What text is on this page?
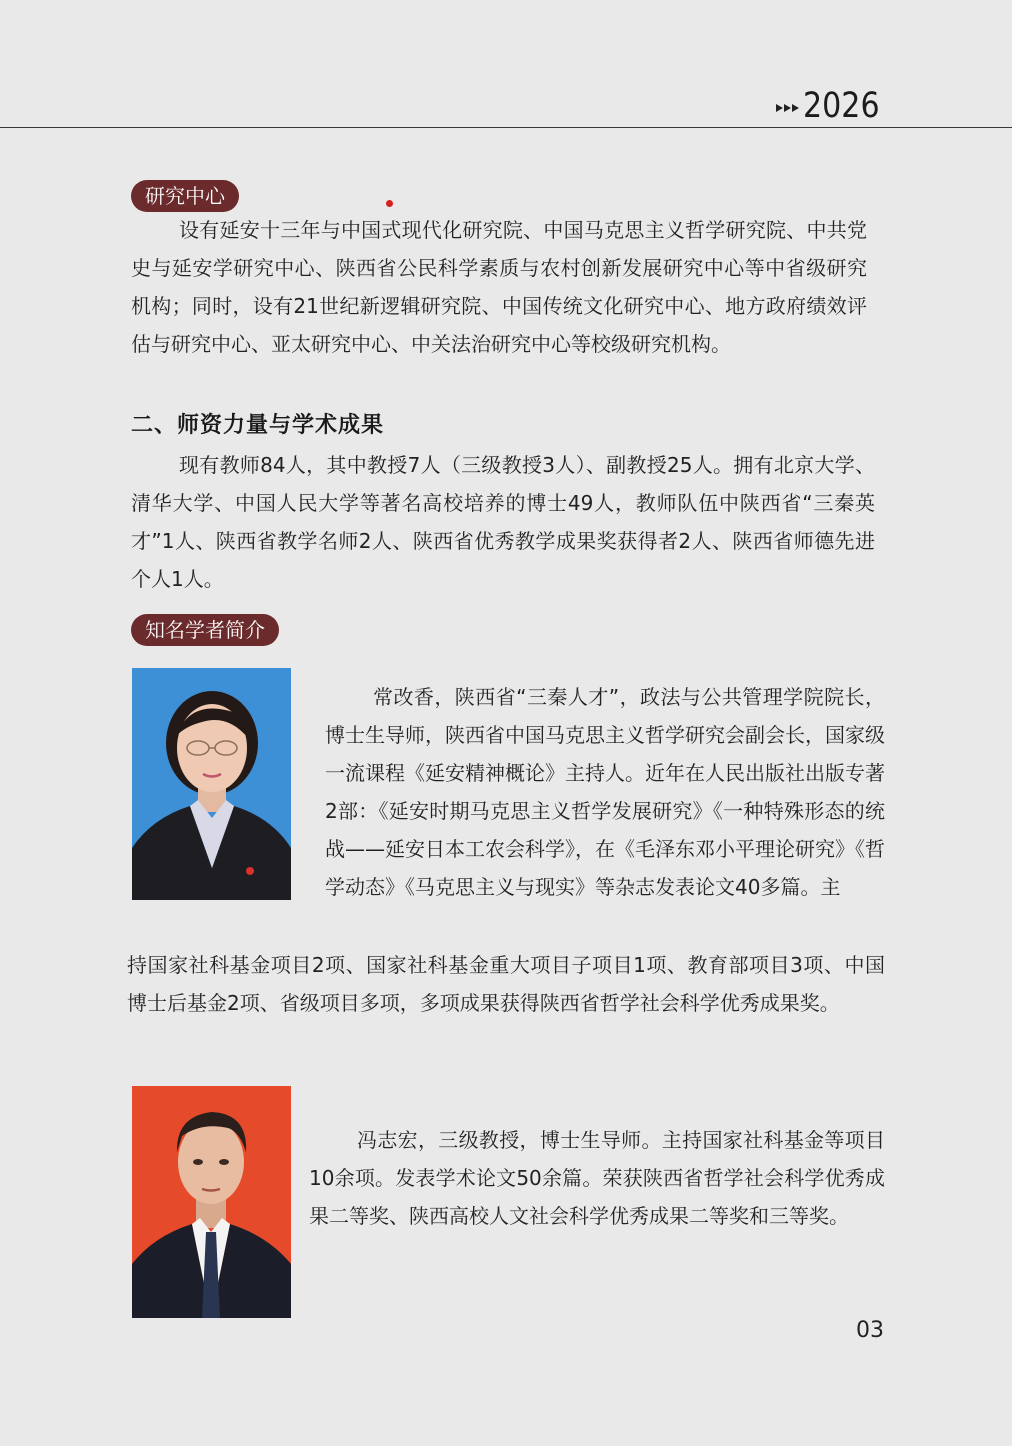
2026
研究中心

设有延安十三年与中国式现代化研究院、中国马克思主义哲学研究院、中共党史与延安学研究中心、陕西省公民科学素质与农村创新发展研究中心等中省级研究机构；同时，设有21世纪新逻辑研究院、中国传统文化研究中心、地方政府绩效评估与研究中心、亚太研究中心、中关法治研究中心等校级研究机构。

二、师资力量与学术成果

现有教师84人，其中教授7人（三级教授3人）、副教授25人。拥有北京大学、清华大学、中国人民大学等著名高校培养的博士49人，教师队伍中陕西省“三秦英才”1人、陕西省教学名师2人、陕西省优秀教学成果奖获得者2人、陕西省师德先进个人1人。

知名学者简介

常改香，陕西省“三秦人才”，政法与公共管理学院院长，博士生导师，陕西省中国马克思主义哲学研究会副会长，国家级一流课程《延安精神概论》主持人。近年在人民出版社出版专著2部：《延安时期马克思主义哲学发展研究》《一种特殊形态的统战——延安日本工农会科学》，在《毛泽东邓小平理论研究》《哲学动态》《马克思主义与现实》等杂志发表论文40多篇。主

持国家社科基金项目2项、国家社科基金重大项目子项目1项、教育部项目3项、中国博士后基金2项、省级项目多项，多项成果获得陕西省哲学社会科学优秀成果奖。

冯志宏，三级教授，博士生导师。主持国家社科基金等项目10余项。发表学术论文50余篇。荣获陕西省哲学社会科学优秀成果二等奖、陕西高校人文社会科学优秀成果二等奖和三等奖。

03
